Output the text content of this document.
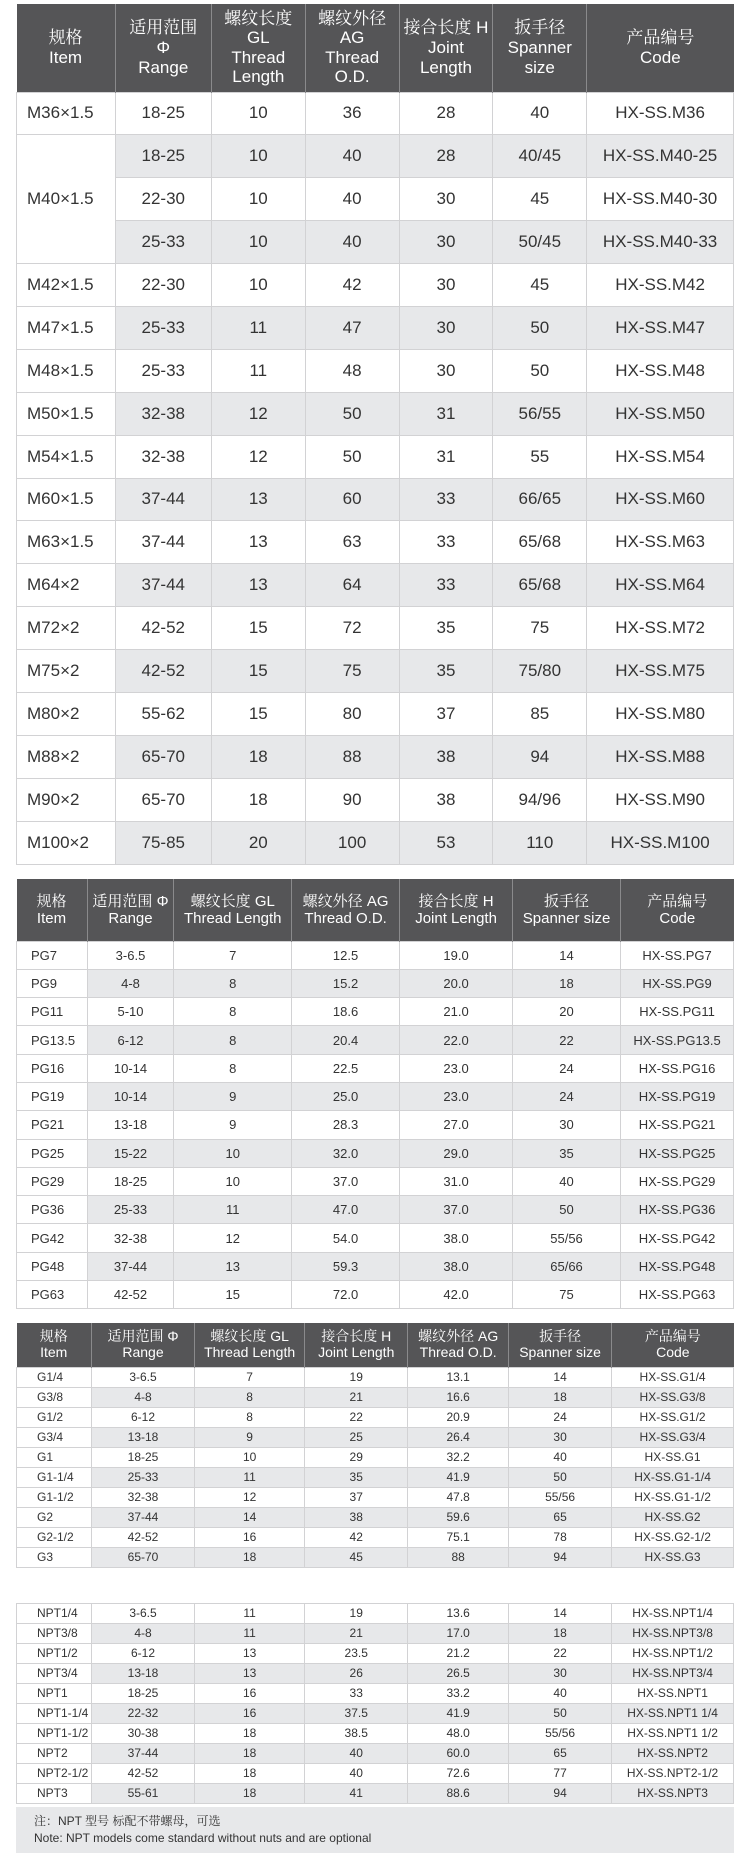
规格
Item	适用范围
Φ
Range	螺纹长度
GL
Thread
Length	螺纹外径
AG
Thread
O.D.	接合长度 H
Joint
Length	扳手径
Spanner
size	产品编号
Code
M36×1.5	18-25	10	36	28	40	HX-SS.M36
M40×1.5	18-25	10	40	28	40/45	HX-SS.M40-25
	22-30	10	40	30	45	HX-SS.M40-30
	25-33	10	40	30	50/45	HX-SS.M40-33
M42×1.5	22-30	10	42	30	45	HX-SS.M42
M47×1.5	25-33	11	47	30	50	HX-SS.M47
M48×1.5	25-33	11	48	30	50	HX-SS.M48
M50×1.5	32-38	12	50	31	56/55	HX-SS.M50
M54×1.5	32-38	12	50	31	55	HX-SS.M54
M60×1.5	37-44	13	60	33	66/65	HX-SS.M60
M63×1.5	37-44	13	63	33	65/68	HX-SS.M63
M64×2	37-44	13	64	33	65/68	HX-SS.M64
M72×2	42-52	15	72	35	75	HX-SS.M72
M75×2	42-52	15	75	35	75/80	HX-SS.M75
M80×2	55-62	15	80	37	85	HX-SS.M80
M88×2	65-70	18	88	38	94	HX-SS.M88
M90×2	65-70	18	90	38	94/96	HX-SS.M90
M100×2	75-85	20	100	53	110	HX-SS.M100
规格
Item	适用范围 Φ
Range	螺纹长度 GL
Thread Length	螺纹外径 AG
Thread O.D.	接合长度 H
Joint Length	扳手径
Spanner size	产品编号
Code
PG7	3-6.5	7	12.5	19.0	14	HX-SS.PG7
PG9	4-8	8	15.2	20.0	18	HX-SS.PG9
PG11	5-10	8	18.6	21.0	20	HX-SS.PG11
PG13.5	6-12	8	20.4	22.0	22	HX-SS.PG13.5
PG16	10-14	8	22.5	23.0	24	HX-SS.PG16
PG19	10-14	9	25.0	23.0	24	HX-SS.PG19
PG21	13-18	9	28.3	27.0	30	HX-SS.PG21
PG25	15-22	10	32.0	29.0	35	HX-SS.PG25
PG29	18-25	10	37.0	31.0	40	HX-SS.PG29
PG36	25-33	11	47.0	37.0	50	HX-SS.PG36
PG42	32-38	12	54.0	38.0	55/56	HX-SS.PG42
PG48	37-44	13	59.3	38.0	65/66	HX-SS.PG48
PG63	42-52	15	72.0	42.0	75	HX-SS.PG63
规格
Item	适用范围 Φ
Range	螺纹长度 GL
Thread Length	接合长度 H
Joint Length	螺纹外径 AG
Thread O.D.	扳手径
Spanner size	产品编号
Code
G1/4	3-6.5	7	19	13.1	14	HX-SS.G1/4
G3/8	4-8	8	21	16.6	18	HX-SS.G3/8
G1/2	6-12	8	22	20.9	24	HX-SS.G1/2
G3/4	13-18	9	25	26.4	30	HX-SS.G3/4
G1	18-25	10	29	32.2	40	HX-SS.G1
G1-1/4	25-33	11	35	41.9	50	HX-SS.G1-1/4
G1-1/2	32-38	12	37	47.8	55/56	HX-SS.G1-1/2
G2	37-44	14	38	59.6	65	HX-SS.G2
G2-1/2	42-52	16	42	75.1	78	HX-SS.G2-1/2
G3	65-70	18	45	88	94	HX-SS.G3

NPT1/4	3-6.5	11	19	13.6	14	HX-SS.NPT1/4
NPT3/8	4-8	11	21	17.0	18	HX-SS.NPT3/8
NPT1/2	6-12	13	23.5	21.2	22	HX-SS.NPT1/2
NPT3/4	13-18	13	26	26.5	30	HX-SS.NPT3/4
NPT1	18-25	16	33	33.2	40	HX-SS.NPT1
NPT1-1/4	22-32	16	37.5	41.9	50	HX-SS.NPT1 1/4
NPT1-1/2	30-38	18	38.5	48.0	55/56	HX-SS.NPT1 1/2
NPT2	37-44	18	40	60.0	65	HX-SS.NPT2
NPT2-1/2	42-52	18	40	72.6	77	HX-SS.NPT2-1/2
NPT3	55-61	18	41	88.6	94	HX-SS.NPT3
注：NPT 型号 标配不带螺母，可选
Note: NPT models come standard without nuts and are optional
